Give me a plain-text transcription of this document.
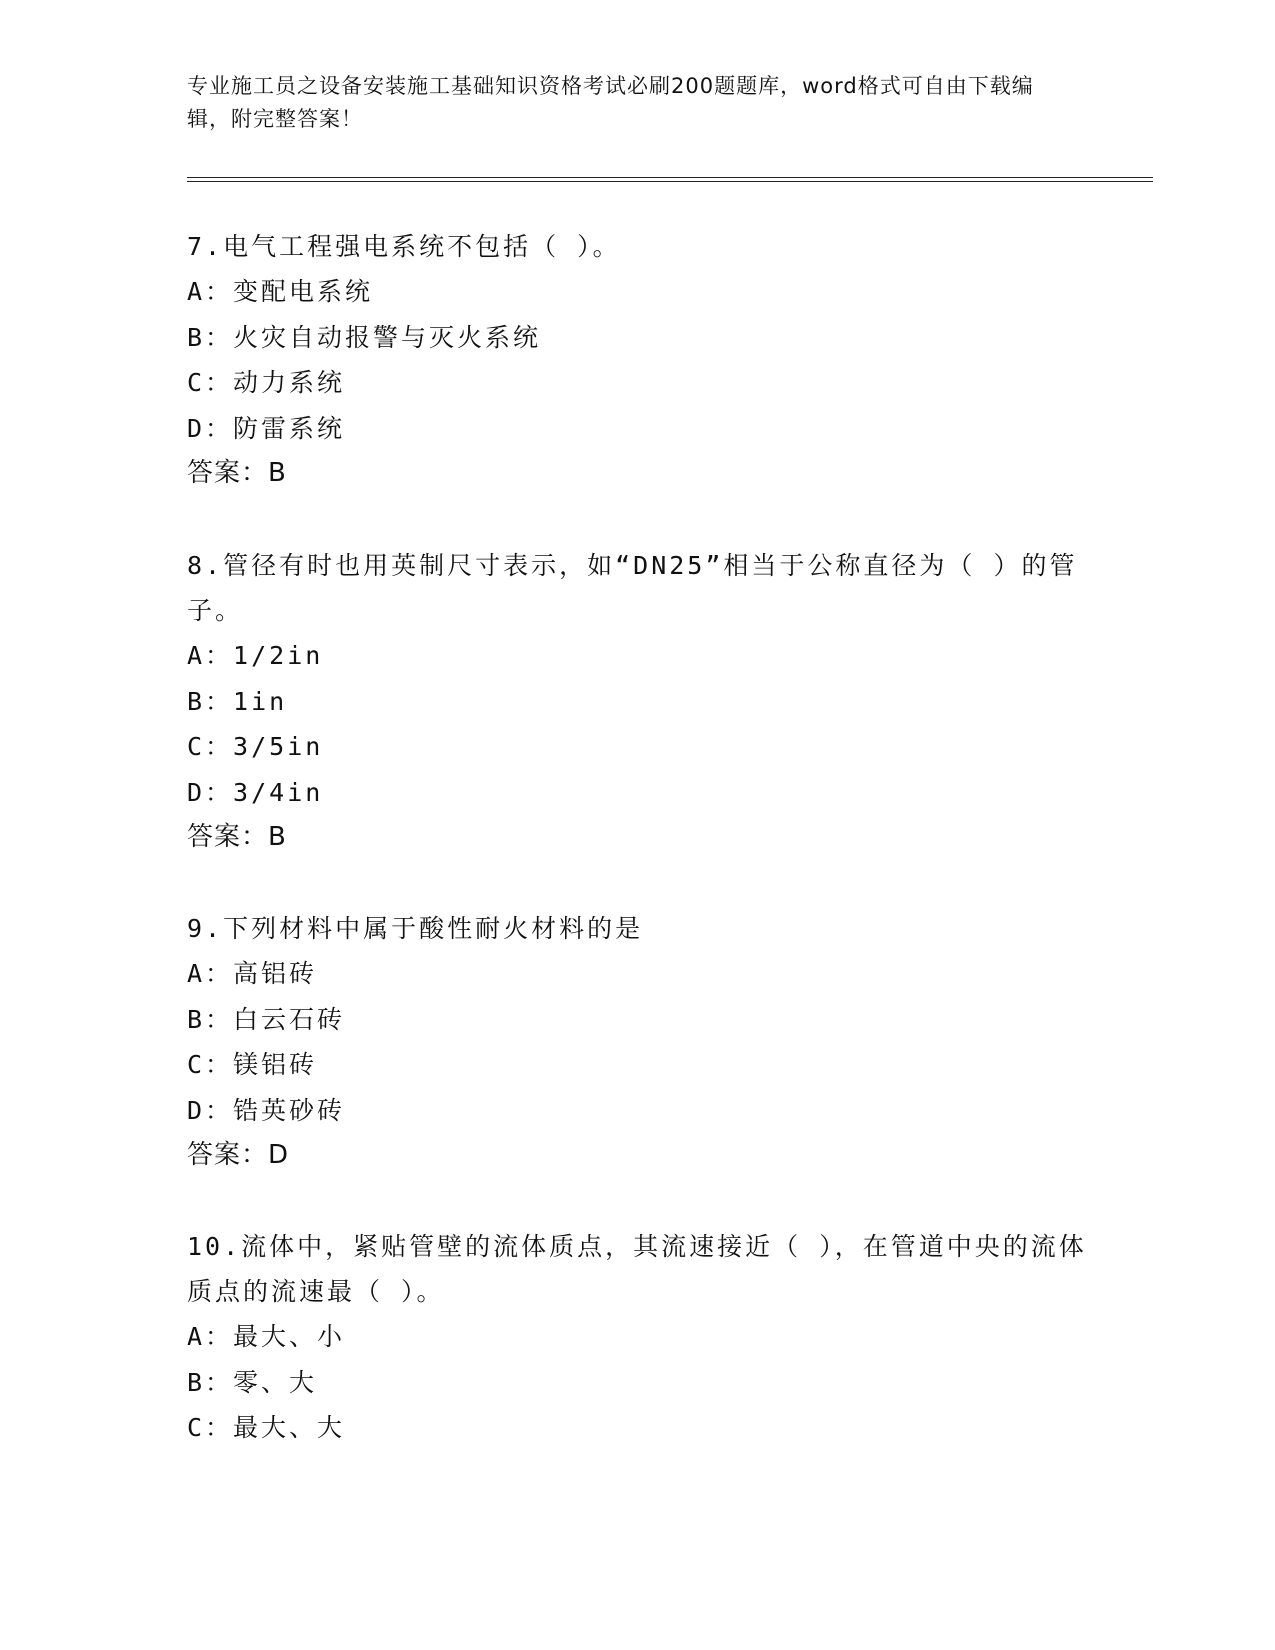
专业施工员之设备安装施工基础知识资格考试必刷200题题库，word格式可自由下载编辑，附完整答案！
7.电气工程强电系统不包括（ ）。
A：变配电系统
B：火灾自动报警与灭火系统
C：动力系统
D：防雷系统
答案：B
8.管径有时也用英制尺寸表示，如“DN25”相当于公称直径为（ ）的管子。
A：1/2in
B：1in
C：3/5in
D：3/4in
答案：B
9.下列材料中属于酸性耐火材料的是
A：高铝砖
B：白云石砖
C：镁铝砖
D：锆英砂砖
答案：D
10.流体中，紧贴管壁的流体质点，其流速接近（ ），在管道中央的流体质点的流速最（ ）。
A：最大、小
B：零、大
C：最大、大
